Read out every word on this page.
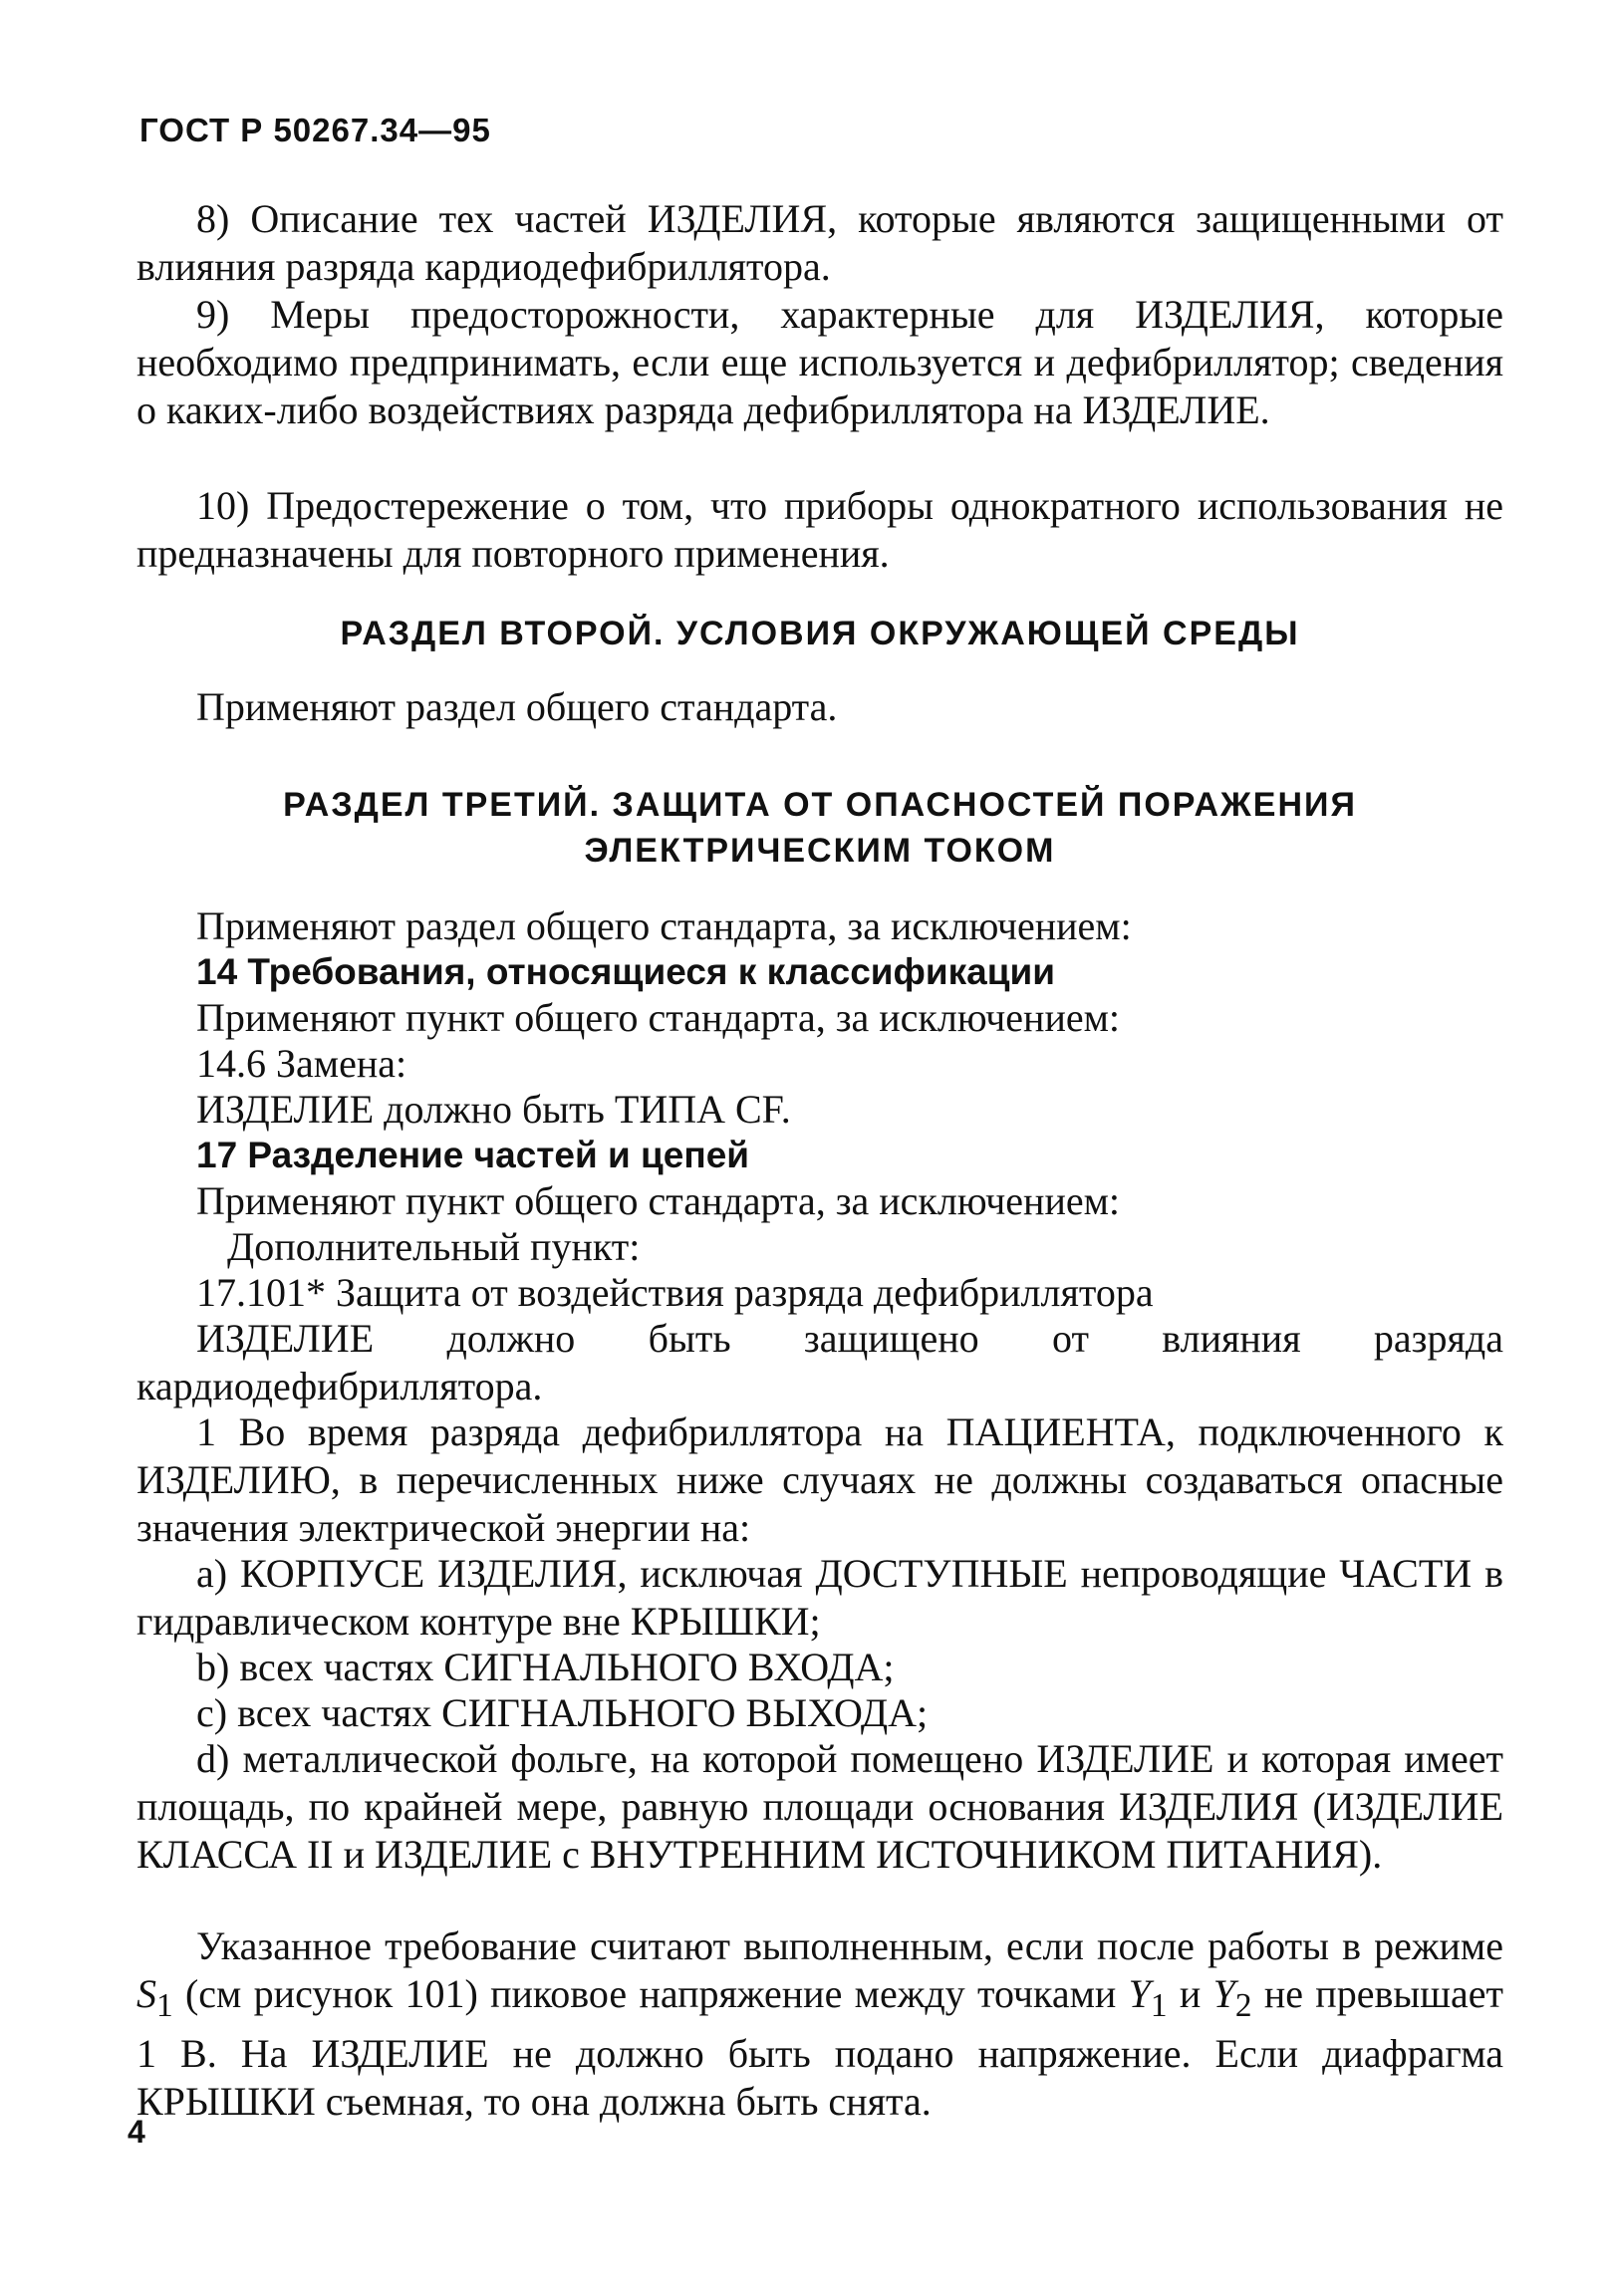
ГОСТ Р 50267.34—95

8) Описание тех частей ИЗДЕЛИЯ, которые являются защищенными от влияния разряда кардиодефибриллятора.

9) Меры предосторожности, характерные для ИЗДЕЛИЯ, которые необходимо предпринимать, если еще используется и дефибриллятор; сведения о каких-либо воздействиях разряда дефибриллятора на ИЗДЕЛИЕ.

10) Предостережение о том, что приборы однократного использования не предназначены для повторного применения.

РАЗДЕЛ ВТОРОЙ. УСЛОВИЯ ОКРУЖАЮЩЕЙ СРЕДЫ

Применяют раздел общего стандарта.

РАЗДЕЛ ТРЕТИЙ. ЗАЩИТА ОТ ОПАСНОСТЕЙ ПОРАЖЕНИЯ

ЭЛЕКТРИЧЕСКИМ ТОКОМ

Применяют раздел общего стандарта, за исключением:

14 Требования, относящиеся к классификации

Применяют пункт общего стандарта, за исключением:

14.6 Замена:

ИЗДЕЛИЕ должно быть ТИПА CF.

17 Разделение частей и цепей

Применяют пункт общего стандарта, за исключением:

Дополнительный пункт:

17.101* Защита от воздействия разряда дефибриллятора

ИЗДЕЛИЕ должно быть защищено от влияния разряда кардиодефибриллятора.

1 Во время разряда дефибриллятора на ПАЦИЕНТА, подключенного к ИЗДЕЛИЮ, в перечисленных ниже случаях не должны создаваться опасные значения электрической энергии на:

a) КОРПУСЕ ИЗДЕЛИЯ, исключая ДОСТУПНЫЕ непроводящие ЧАСТИ в гидравлическом контуре вне КРЫШКИ;

b) всех частях СИГНАЛЬНОГО ВХОДА;

c) всех частях СИГНАЛЬНОГО ВЫХОДА;

d) металлической фольге, на которой помещено ИЗДЕЛИЕ и которая имеет площадь, по крайней мере, равную площади основания ИЗДЕЛИЯ (ИЗДЕЛИЕ КЛАССА II и ИЗДЕЛИЕ с ВНУТРЕННИМ ИСТОЧНИКОМ ПИТАНИЯ).

Указанное требование считают выполненным, если после работы в режиме $S_1$ (см рисунок 101) пиковое напряжение между точками $Y_1$ и $Y_2$ не превышает 1 В. На ИЗДЕЛИЕ не должно быть подано напряжение. Если диафрагма КРЫШКИ съемная, то она должна быть снята.

4
